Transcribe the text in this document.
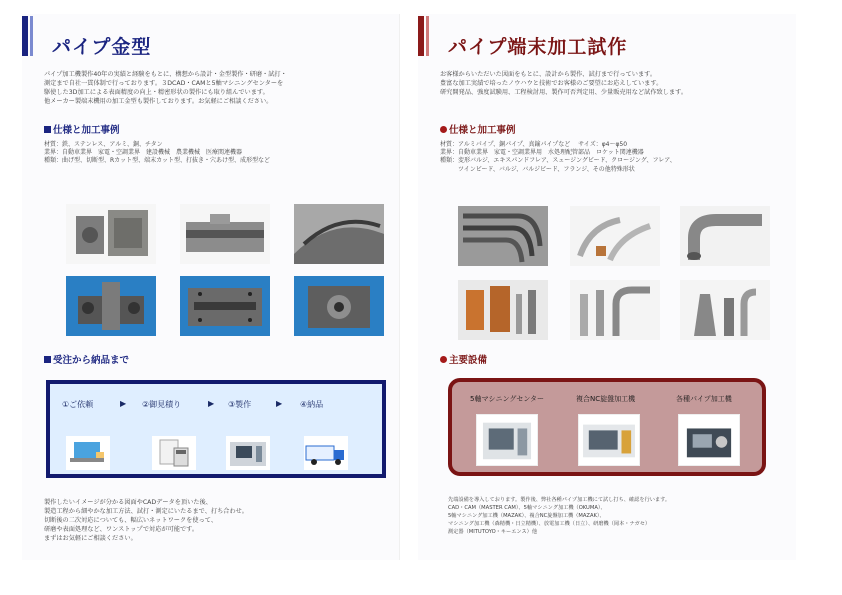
パイプ金型

パイプ加工機製作40年の実績と経験をもとに、構想から設計・金型製作・研磨・試打・

測定まで自社一貫体制で行っております。３DCAD・CAMと5軸マシニングセンターを

駆使した3D加工による表面精度の向上・精密形状の製作にも取り組んでいます。

他メーカー製端末機用の加工金型も製作しております。お気軽にご相談ください。

仕様と加工事例

材質：鉄、ステンレス、アルミ、銅、チタン

業界：自動車業界　家電・空調業界　建設機械　農業機械　医療関連機器

種類：曲げ型、切断型、Rカット型、端末カット型、打抜き・穴あけ型、成形型など

受注から納品まで
①ご依頼	▶ ②御見積り	▶ ③製作	▶ ④納品

製作したいイメージが分かる図面やCADデータを頂いた後、

製造工程から細やかな加工方法、試打・測定にいたるまで、打ち合わせ。

切断後の二次対応についても、幅広いネットワークを使って、

研磨や表面処理など、ワンストップで対応が可能です。

まずはお気軽にご相談ください。

パイプ端末加工試作

お客様からいただいた図面をもとに、設計から製作、試打まで行っています。

豊富な加工実績で培ったノウハウと技術でお客様のご要望にお応えしています。

研究開発品、強度試験用、工程検討用、製作可否判定用、少量販売用など試作致します。

仕様と加工事例

材質：アルミパイプ、銅パイプ、真鍮パイプなど　 サイズ：φ4～φ50

業界：自動車業界　家電・空調業界用　水処理配管部品　ロケット関連機器

種類：変形バルジ、エキスパンドフレア、スェージングビード、クロージング、フレア、

　　　ツインビード、バルジ、バルジビード、フランジ、その他特殊形状

主要設備
5軸マシニングセンター	複合NC旋盤加工機	各種パイプ加工機

先端設備を導入しております。製作後、弊社各種パイプ加工機にて試し打ち、確認を行います。

CAD・CAM（MASTER CAM）、5軸マシニング加工機（OKUMA）、

5軸マシニング加工機（MAZAK）、複合NC旋盤加工機（MAZAK）、

マシニング加工機（森精機・日立精機）、放電加工機（日立）、研磨機（岡本・ナガセ）

測定器（MITUTOYO・キーエンス）他
